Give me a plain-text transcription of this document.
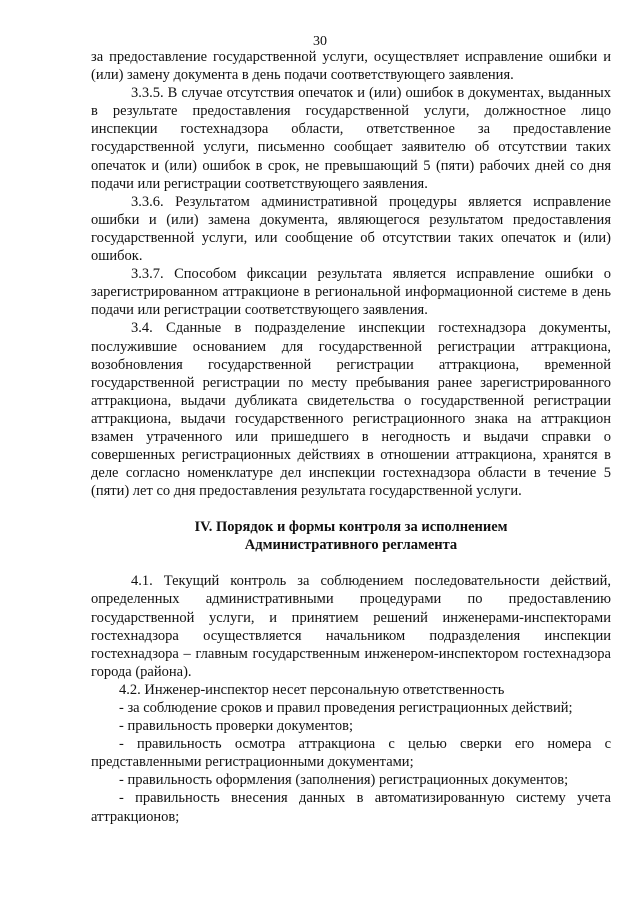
30

за предоставление государственной услуги, осуществляет исправление ошибки и (или) замену документа в день подачи соответствующего заявления.

3.3.5. В случае отсутствия опечаток и (или) ошибок в документах, выданных в результате предоставления государственной услуги, должностное лицо инспекции гостехнадзора области, ответственное за предоставление государственной услуги, письменно сообщает заявителю об отсутствии таких опечаток и (или) ошибок в срок, не превышающий 5 (пяти) рабочих дней со дня подачи или регистрации соответствующего заявления.

3.3.6. Результатом административной процедуры является исправление ошибки и (или) замена документа, являющегося результатом предоставления государственной услуги, или сообщение об отсутствии таких опечаток и (или) ошибок.

3.3.7. Способом фиксации результата является исправление ошибки о зарегистрированном аттракционе в региональной информационной системе в день подачи или регистрации соответствующего заявления.

3.4. Сданные в подразделение инспекции гостехнадзора документы, послужившие основанием для государственной регистрации аттракциона, возобновления государственной регистрации аттракциона, временной государственной регистрации по месту пребывания ранее зарегистрированного аттракциона, выдачи дубликата свидетельства о государственной регистрации аттракциона, выдачи государственного регистрационного знака на аттракцион взамен утраченного или пришедшего в негодность и выдачи справки о совершенных регистрационных действиях в отношении аттракциона, хранятся в деле согласно номенклатуре дел инспекции гостехнадзора области в течение 5 (пяти) лет со дня предоставления результата государственной услуги.

IV. Порядок и формы контроля за исполнением
Административного регламента

4.1. Текущий контроль за соблюдением последовательности действий, определенных административными процедурами по предоставлению государственной услуги, и принятием решений инженерами-инспекторами гостехнадзора осуществляется начальником подразделения инспекции гостехнадзора – главным государственным инженером-инспектором гостехнадзора города (района).

4.2. Инженер-инспектор несет персональную ответственность

- за соблюдение сроков и правил проведения регистрационных действий;

- правильность проверки документов;

- правильность осмотра аттракциона с целью сверки его номера с представленными регистрационными документами;

- правильность оформления (заполнения) регистрационных документов;

- правильность внесения данных в автоматизированную систему учета аттракционов;
